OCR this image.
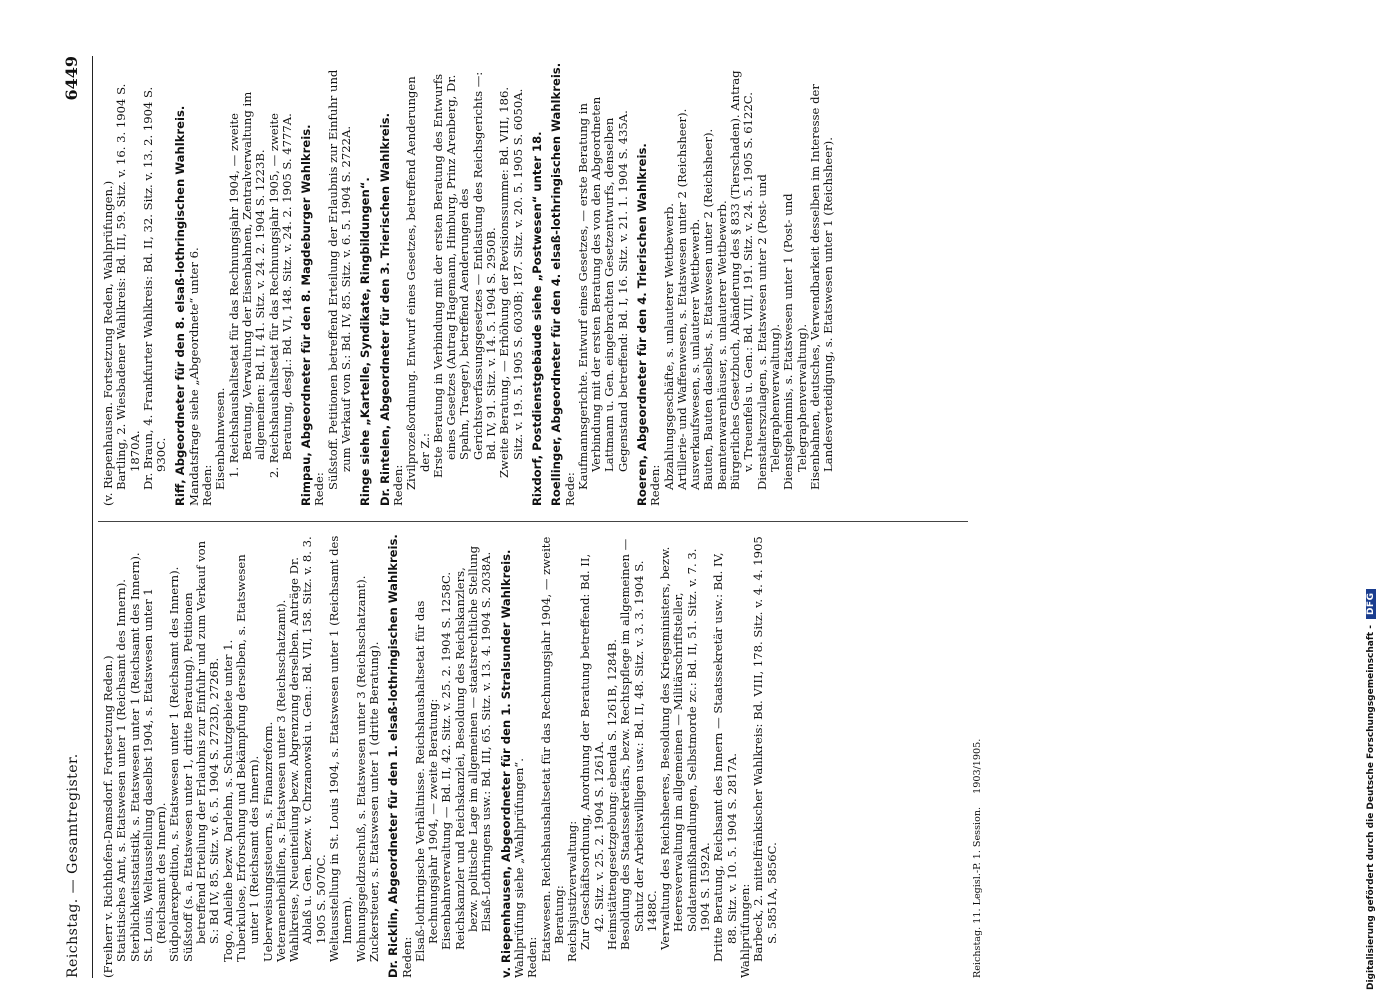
Reichstag. — Gesamtregister.
6449

(Freiherr v. Richthofen-Damsdorf. Fortsetzung Reden.) Statistisches Amt, s. Etatswesen unter 1 (Reichsamt des Innern). Sterblichkeitsstatistik, s. Etatswesen unter 1 (Reichsamt des Innern). St. Louis, Weltausstellung daselbst 1904, s. Etatswesen unter 1 (Reichsamt des Innern). Südpolarexpedition, s. Etatswesen unter 1 (Reichsamt des Innern). Süßstoff (s. a. Etatswesen unter 1, dritte Beratung). Petitionen betreffend Erteilung der Erlaubnis zur Einfuhr und zum Verkauf von S.: Bd IV, 85. Sitz. v. 6. 5. 1904 S. 2723D, 2726B. Togo, Anleihe bezw. Darlehn, s. Schutzgebiete unter 1. Tuberkulose, Erforschung und Bekämpfung derselben, s. Etatswesen unter 1 (Reichsamt des Innern). Ueberweisungssteuern, s. Finanzreform. Veteranenbeihilfen, s. Etatswesen unter 3 (Reichsschatzamt). Wahlkreise, Neueinteilung bezw. Abgrenzung derselben. Anträge Dr. Ablaß u. Gen. bezw. v. Chrzanowski u. Gen.: Bd. VII, 158. Sitz. v. 8. 3. 1905 S. 5070C. Weltausstellung in St. Louis 1904, s. Etatswesen unter 1 (Reichsamt des Innern). Wohnungsgeldzuschuß, s. Etatswesen unter 3 (Reichsschatzamt). Zuckersteuer, s. Etatswesen unter 1 (dritte Beratung). Dr. Ricklin, Abgeordneter für den 1. elsaß-lothringischen Wahlkreis. Reden: Elsaß-lothringische Verhältnisse. Reichshaushaltsetat für das Rechnungsjahr 1904, — zweite Beratung: Eisenbahnverwaltung — Bd. II, 42. Sitz. v. 25. 2. 1904 S. 1258C. Reichskanzler und Reichskanzlei, Besoldung des Reichskanzlers, bezw. politische Lage im allgemeinen — staatsrechtliche Stellung Elsaß-Lothringens usw.: Bd. III, 65. Sitz. v. 13. 4. 1904 S. 2038A. v. Riepenhausen, Abgeordneter für den 1. Stralsunder Wahlkreis. Wahlprüfung siehe „Wahlprüfungen“. Reden: Etatswesen. Reichshaushaltsetat für das Rechnungsjahr 1904, — zweite Beratung: Reichsjustizverwaltung: Zur Geschäftsordnung, Anordnung der Beratung betreffend: Bd. II, 42. Sitz. v. 25. 2. 1904 S. 1261A. Heimstättengesetzgebung: ebenda S. 1261B, 1284B. Besoldung des Staatssekretärs, bezw. Rechtspflege im allgemeinen — Schutz der Arbeitswilligen usw.: Bd. II, 48. Sitz. v. 3. 3. 1904 S. 1488C. Verwaltung des Reichsheeres, Besoldung des Kriegsministers, bezw. Heeresverwaltung im allgemeinen — Militärschriftsteller, Soldatenmißhandlungen, Selbstmorde zc.: Bd. II, 51. Sitz. v. 7. 3. 1904 S. 1592A. Dritte Beratung, Reichsamt des Innern — Staatssekretär usw.: Bd. IV, 88. Sitz. v. 10. 5. 1904 S. 2817A. Wahlprüfungen: Barbeck, 2. mittelfränkischer Wahlkreis: Bd. VIII, 178. Sitz. v. 4. 4. 1905 S. 5851A, 5856C.

(v. Riepenhausen. Fortsetzung Reden, Wahlprüfungen.) Bartling, 2. Wiesbadener Wahlkreis: Bd. III, 59. Sitz. v. 16. 3. 1904 S. 1870A. Dr. Braun, 4. Frankfurter Wahlkreis: Bd. II, 32. Sitz. v. 13. 2. 1904 S. 930C. Riff, Abgeordneter für den 8. elsaß-lothringischen Wahlkreis. Mandatsfrage siehe „Abgeordnete“ unter 6. Reden: Eisenbahnwesen. 1. Reichshaushaltsetat für das Rechnungsjahr 1904, — zweite Beratung, Verwaltung der Eisenbahnen, Zentralverwaltung im allgemeinen: Bd. II, 41. Sitz. v. 24. 2. 1904 S. 1223B. 2. Reichshaushaltsetat für das Rechnungsjahr 1905, — zweite Beratung, desgl.: Bd. VI, 148. Sitz. v. 24. 2. 1905 S. 4777A. Rimpau, Abgeordneter für den 8. Magdeburger Wahlkreis. Rede: Süßstoff. Petitionen betreffend Erteilung der Erlaubnis zur Einfuhr und zum Verkauf von S.: Bd. IV, 85. Sitz. v. 6. 5. 1904 S. 2722A. Ringe siehe „Kartelle, Syndikate, Ringbildungen“. Dr. Rintelen, Abgeordneter für den 3. Trierischen Wahlkreis. Reden: Zivilprozeßordnung. Entwurf eines Gesetzes, betreffend Aenderungen der Z.: Erste Beratung in Verbindung mit der ersten Beratung des Entwurfs eines Gesetzes (Antrag Hagemann, Himburg, Prinz Arenberg, Dr. Spahn, Traeger), betreffend Aenderungen des Gerichtsverfassungsgesetzes — Entlastung des Reichsgerichts —: Bd. IV, 91. Sitz. v. 14. 5. 1904 S. 2950B. Zweite Beratung, — Erhöhung der Revisionssumme: Bd. VIII, 186. Sitz. v. 19. 5. 1905 S. 6030B; 187. Sitz. v. 20. 5. 1905 S. 6050A. Rixdorf, Postdienstgebäude siehe „Postwesen“ unter 18. Roellinger, Abgeordneter für den 4. elsaß-lothringischen Wahlkreis. Rede: Kaufmannsgerichte. Entwurf eines Gesetzes, — erste Beratung in Verbindung mit der ersten Beratung des von den Abgeordneten Lattmann u. Gen. eingebrachten Gesetzentwurfs, denselben Gegenstand betreffend: Bd. I, 16. Sitz. v. 21. 1. 1904 S. 435A. Roeren, Abgeordneter für den 4. Trierischen Wahlkreis. Reden: Abzahlungsgeschäfte, s. unlauterer Wettbewerb. Artillerie- und Waffenwesen, s. Etatswesen unter 2 (Reichsheer). Ausverkaufswesen, s. unlauterer Wettbewerb. Bauten, Bauten daselbst, s. Etatswesen unter 2 (Reichsheer). Beamtenwarenhäuser, s. unlauterer Wettbewerb. Bürgerliches Gesetzbuch, Abänderung des § 833 (Tierschaden). Antrag v. Treuenfels u. Gen.: Bd. VIII, 191. Sitz. v. 24. 5. 1905 S. 6122C. Dienstalterszulagen, s. Etatswesen unter 2 (Post- und Telegraphenverwaltung). Dienstgeheimnis, s. Etatswesen unter 1 (Post- und Telegraphenverwaltung). Eisenbahnen, deutsches, Verwendbarkeit desselben im Interesse der Landesverteidigung, s. Etatswesen unter 1 (Reichsheer).

Reichstag. 11. Legisl.-P. 1. Session. 1903/1905.	Digitalisierung gefördert durch die Deutsche Forschungsgemeinschaft -
DFG
